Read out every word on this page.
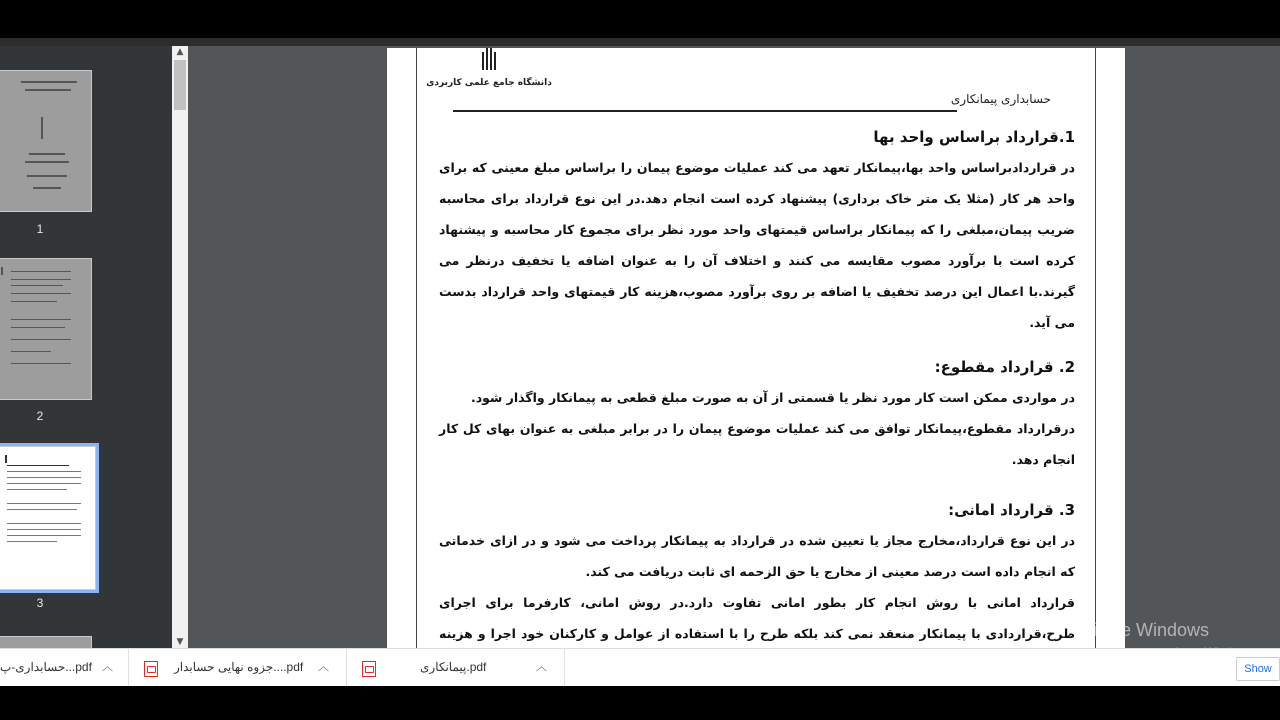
1
2
3
▲
▼
دانشگاه جامع علمی کاربردی
حسابداری پیمانکاری
1.قرارداد براساس واحد بها

در قراردادبراساس واحد بها،پیمانکار تعهد می کند عملیات موضوع پیمان را براساس مبلغ معینی که برای واحد هر کار (مثلا یک متر خاک برداری) پیشنهاد کرده است انجام دهد.در این نوع قرارداد برای محاسبه ضریب پیمان،مبلغی را که پیمانکار براساس قیمتهای واحد مورد نظر برای مجموع کار محاسبه و پیشنهاد کرده است با برآورد مصوب مقایسه می کنند و اختلاف آن را به عنوان اضافه یا تخفیف درنظر می گیرند.با اعمال این درصد تخفیف یا اضافه بر روی برآورد مصوب،هزینه کار قیمتهای واحد قرارداد بدست می آید.

2. قرارداد مقطوع:

در مواردی ممکن است کار مورد نظر یا قسمتی از آن به صورت مبلغ قطعی به پیمانکار واگذار شود.

درقرارداد مقطوع،پیمانکار توافق می کند عملیات موضوع پیمان را در برابر مبلغی به عنوان بهای کل کار انجام دهد.

3. قرارداد امانی:

در این نوع قرارداد،مخارج مجاز یا تعیین شده در قرارداد به پیمانکار پرداخت می شود و در ازای خدماتی که انجام داده است درصد معینی از مخارج یا حق الزحمه ای ثابت دریافت می کند.

قرارداد امانی با روش انجام کار بطور امانی تفاوت دارد.در روش امانی، کارفرما برای اجرای طرح،قراردادی با پیمانکار منعقد نمی کند بلکه طرح را با استفاده از عوامل و کارکنان خود اجرا و هزینه	Activate Windows
حسابداری-پ...pdf ︿	جزوه نهایی حسابدار....pdf ︿	پیمانکاری.pdf	︿	Show
